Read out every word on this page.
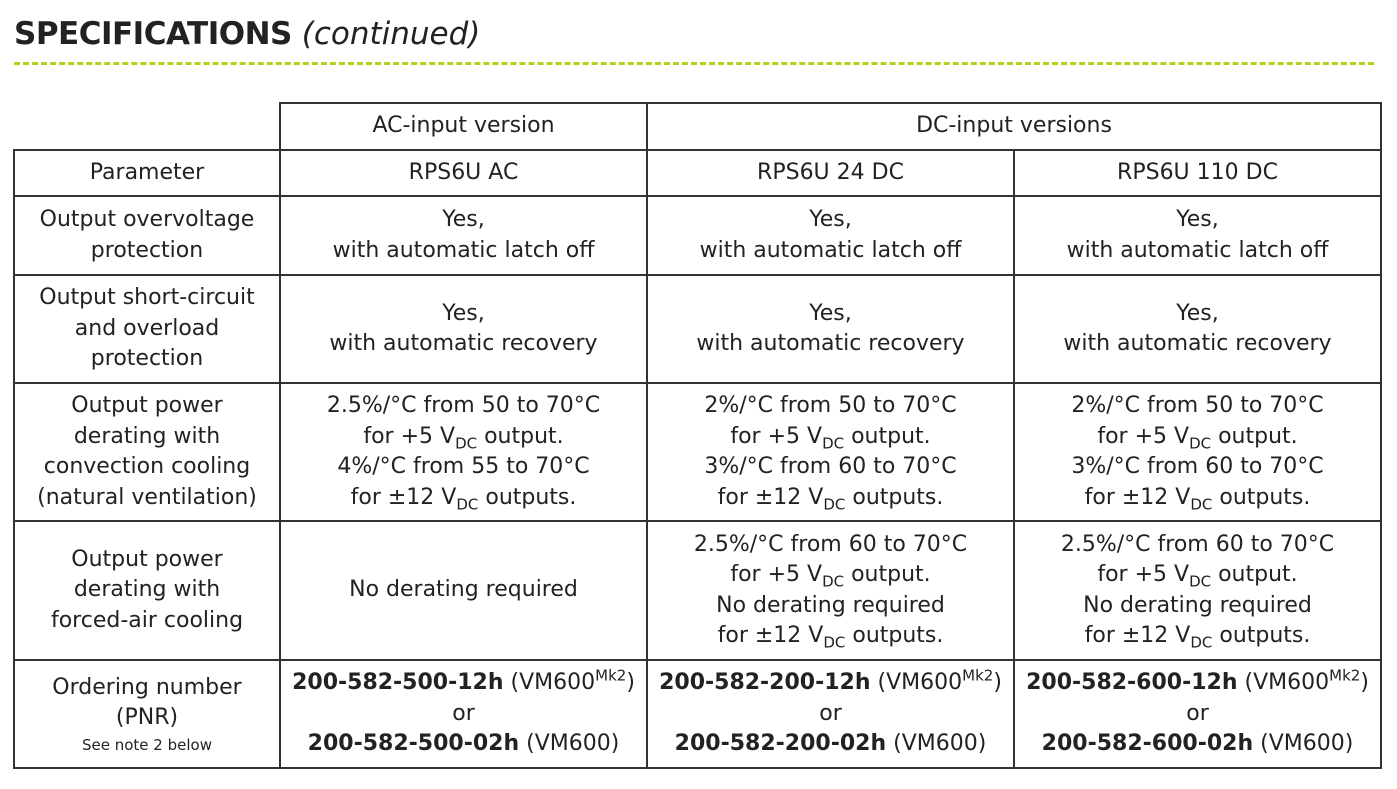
SPECIFICATIONS (continued)
	AC-input version	DC-input versions	
Parameter	RPS6U AC	RPS6U 24 DC	RPS6U 110 DC

Output overvoltage
protection	Yes,
with automatic latch off	Yes,
with automatic latch off	Yes,
with automatic latch off

Output short-circuit
and overload
protection	Yes,
with automatic recovery	Yes,
with automatic recovery	Yes,
with automatic recovery

Output power
derating with
convection cooling
(natural ventilation)	2.5%/°C from 50 to 70°C
for +5 $V_{DC}$ output.
4%/°C from 55 to 70°C
for ±12 $V_{DC}$ outputs.	2%/°C from 50 to 70°C
for +5 $V_{DC}$ output.
3%/°C from 60 to 70°C
for ±12 $V_{DC}$ outputs.	2%/°C from 50 to 70°C
for +5 $V_{DC}$ output.
3%/°C from 60 to 70°C
for ±12 $V_{DC}$ outputs.

Output power
derating with
forced-air cooling	No derating required	2.5%/°C from 60 to 70°C
for +5 $V_{DC}$ output.
No derating required
for ±12 $V_{DC}$ outputs.	2.5%/°C from 60 to 70°C
for +5 $V_{DC}$ output.
No derating required
for ±12 $V_{DC}$ outputs.

Ordering number
(PNR)
See note 2 below	200-582-500-12h $(VM600^{Mk2})$
or
200-582-500-02h (VM600)	200-582-200-12h $(VM600^{Mk2})$
or
200-582-200-02h (VM600)	200-582-600-12h $(VM600^{Mk2})$
or
200-582-600-02h (VM600)
